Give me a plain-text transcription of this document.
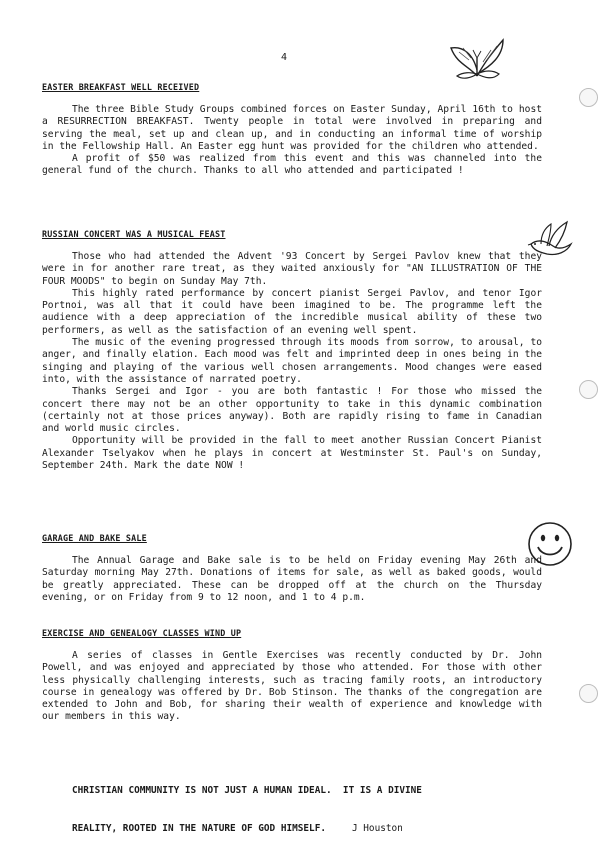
4
EASTER BREAKFAST WELL RECEIVED

The three Bible Study Groups combined forces on Easter Sunday, April 16th to host a RESURRECTION BREAKFAST. Twenty people in total were involved in preparing and serving the meal, set up and clean up, and in conducting an informal time of worship in the Fellowship Hall. An Easter egg hunt was provided for the children who attended.

A profit of $50 was realized from this event and this was channeled into the general fund of the church. Thanks to all who attended and participated !

RUSSIAN CONCERT WAS A MUSICAL FEAST

Those who had attended the Advent '93 Concert by Sergei Pavlov knew that they were in for another rare treat, as they waited anxiously for "AN ILLUSTRATION OF THE FOUR MOODS" to begin on Sunday May 7th.

This highly rated performance by concert pianist Sergei Pavlov, and tenor Igor Portnoi, was all that it could have been imagined to be. The programme left the audience with a deep appreciation of the incredible musical ability of these two performers, as well as the satisfaction of an evening well spent.

The music of the evening progressed through its moods from sorrow, to arousal, to anger, and finally elation. Each mood was felt and imprinted deep in ones being in the singing and playing of the various well chosen arrangements. Mood changes were eased into, with the assistance of narrated poetry.

Thanks Sergei and Igor - you are both fantastic ! For those who missed the concert there may not be an other opportunity to take in this dynamic combination (certainly not at those prices anyway). Both are rapidly rising to fame in Canadian and world music circles.

Opportunity will be provided in the fall to meet another Russian Concert Pianist Alexander Tselyakov when he plays in concert at Westminster St. Paul's on Sunday, September 24th. Mark the date NOW !

GARAGE AND BAKE SALE

The Annual Garage and Bake sale is to be held on Friday evening May 26th and Saturday morning May 27th. Donations of items for sale, as well as baked goods, would be greatly appreciated. These can be dropped off at the church on the Thursday evening, or on Friday from 9 to 12 noon, and 1 to 4 p.m.

EXERCISE AND GENEALOGY CLASSES WIND UP

A series of classes in Gentle Exercises was recently conducted by Dr. John Powell, and was enjoyed and appreciated by those who attended. For those with other less physically challenging interests, such as tracing family roots, an introductory course in genealogy was offered by Dr. Bob Stinson. The thanks of the congregation are extended to John and Bob, for sharing their wealth of experience and knowledge with our members in this way.

CHRISTIAN COMMUNITY IS NOT JUST A HUMAN IDEAL.  IT IS A DIVINE

REALITY, ROOTED IN THE NATURE OF GOD HIMSELF.	J Houston
